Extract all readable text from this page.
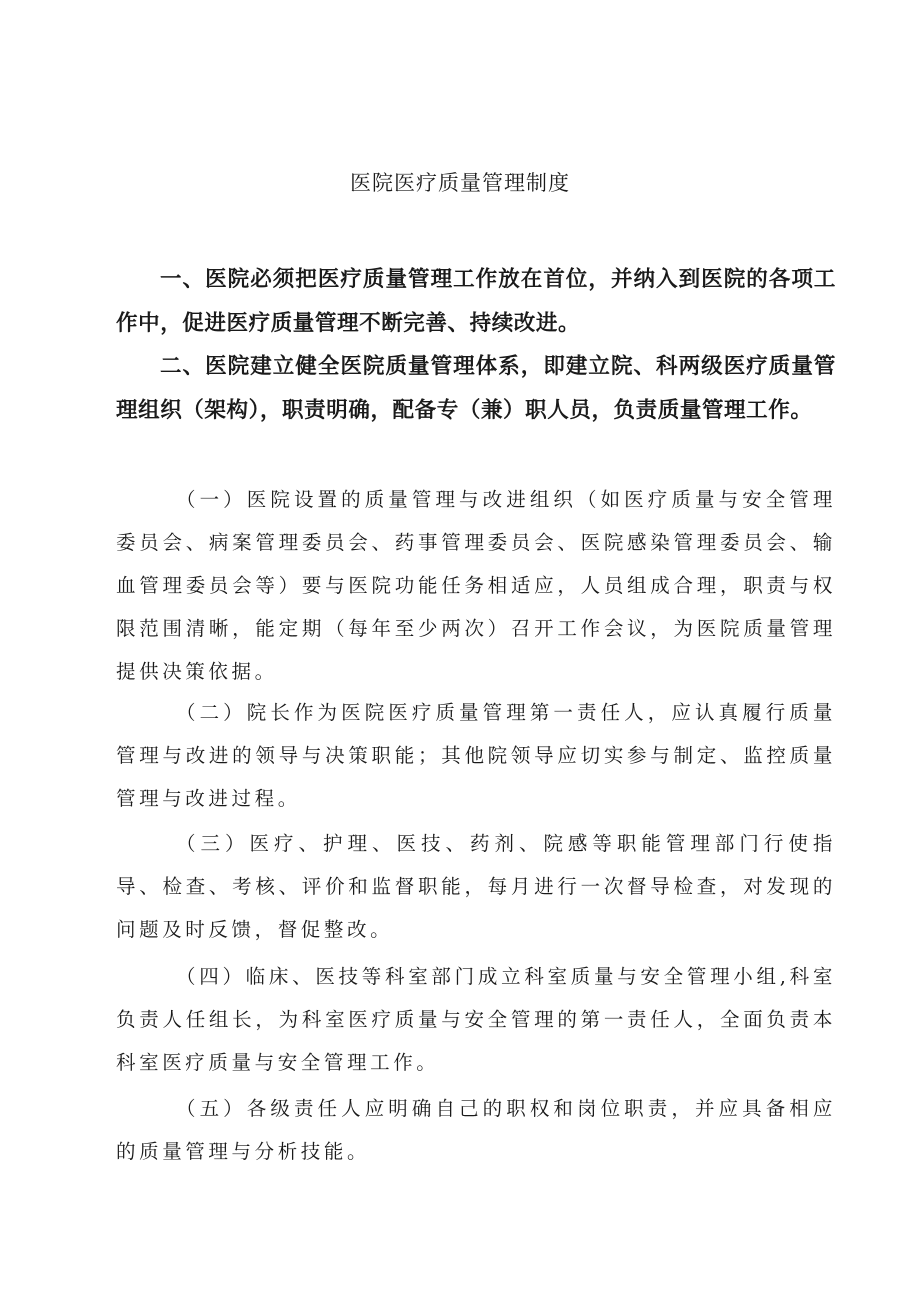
医院医疗质量管理制度

一、医院必须把医疗质量管理工作放在首位，并纳入到医院的各项工作中，促进医疗质量管理不断完善、持续改进。

二、医院建立健全医院质量管理体系，即建立院、科两级医疗质量管理组织（架构），职责明确，配备专（兼）职人员，负责质量管理工作。

（一）医院设置的质量管理与改进组织（如医疗质量与安全管理委员会、病案管理委员会、药事管理委员会、医院感染管理委员会、输血管理委员会等）要与医院功能任务相适应，人员组成合理，职责与权限范围清晰，能定期（每年至少两次）召开工作会议，为医院质量管理提供决策依据。

（二）院长作为医院医疗质量管理第一责任人，应认真履行质量管理与改进的领导与决策职能；其他院领导应切实参与制定、监控质量管理与改进过程。

（三）医疗、护理、医技、药剂、院感等职能管理部门行使指导、检查、考核、评价和监督职能，每月进行一次督导检查，对发现的问题及时反馈，督促整改。

（四）临床、医技等科室部门成立科室质量与安全管理小组,科室负责人任组长，为科室医疗质量与安全管理的第一责任人，全面负责本科室医疗质量与安全管理工作。

（五）各级责任人应明确自己的职权和岗位职责，并应具备相应的质量管理与分析技能。
